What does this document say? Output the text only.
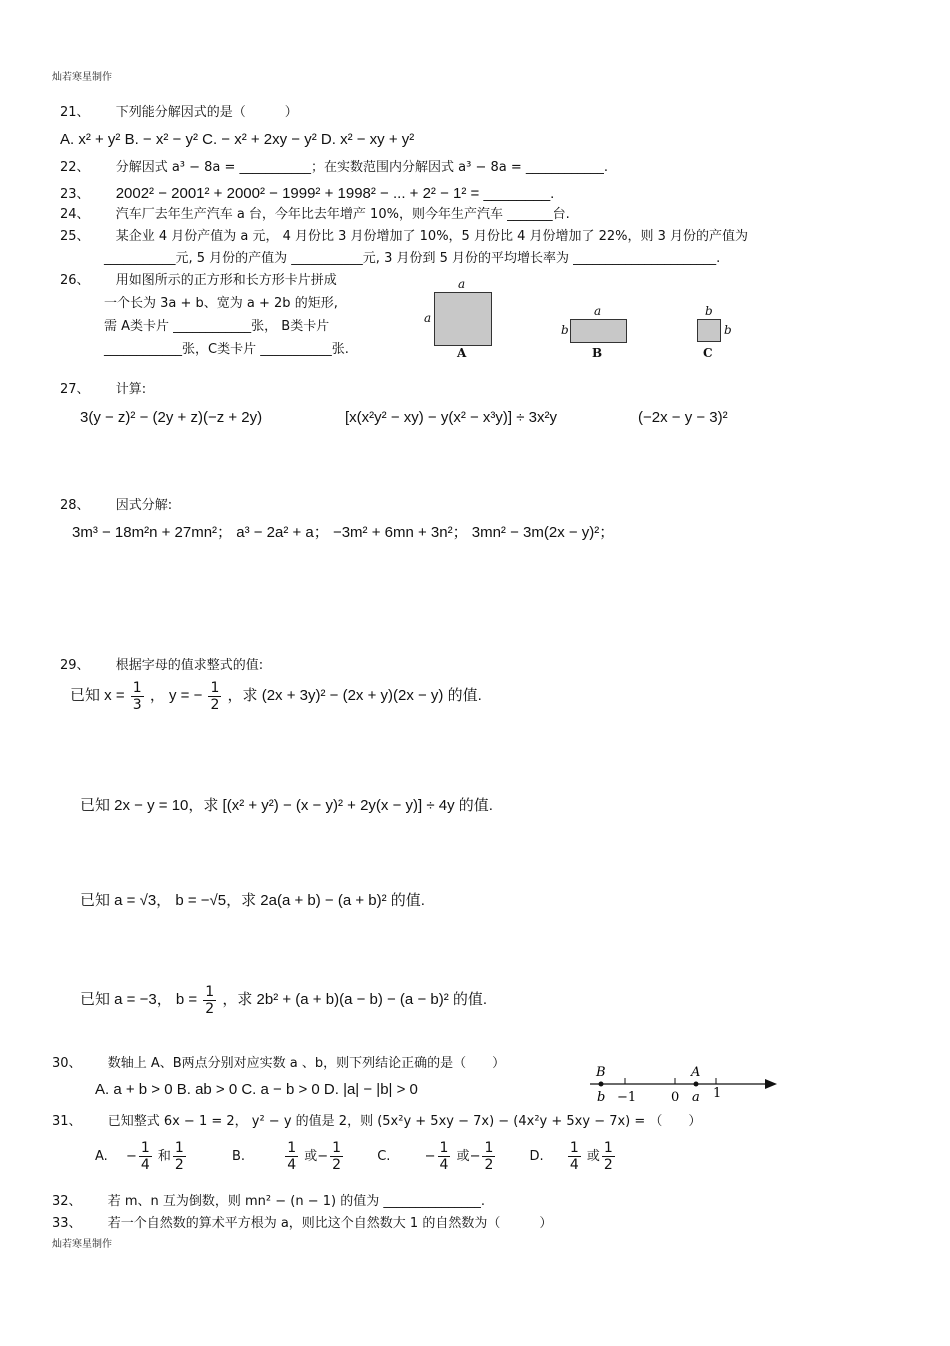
灿若寒星制作
21、 下列能分解因式的是（　　　）
A. x² + y² B. − x² − y² C. − x² + 2xy − y² D. x² − xy + y²
22、 分解因式 a³ − 8a = ___________；在实数范围内分解因式 a³ − 8a = ____________.
23、 2002² − 2001² + 2000² − 1999² + 1998² − ... + 2² − 1² = ________.
24、 汽车厂去年生产汽车 a 台，今年比去年增产 10%，则今年生产汽车 _______台.
25、 某企业 4 月份产值为 a 元， 4 月份比 3 月份增加了 10%，5 月份比 4 月份增加了 22%，则 3 月份的产值为
___________元, 5 月份的产值为 ___________元, 3 月份到 5 月份的平均增长率为 ______________________.
26、 用如图所示的正方形和长方形卡片拼成
一个长为 3a + b、宽为 a + 2b 的矩形,
需 A类卡片 ____________张， B类卡片
____________张，C类卡片 ___________张.
a
a
A
a
b
B
b
b
C
27、 计算:
3(y − z)² − (2y + z)(−z + 2y)	[x(x²y² − xy) − y(x² − x³y)] ÷ 3x²y	(−2x − y − 3)²
28、 因式分解:
3m³ − 18m²n + 27mn²； a³ − 2a² + a； −3m² + 6mn + 3n²； 3mn² − 3m(2x − y)²；
29、 根据字母的值求整式的值:
已知 $x = \frac{1}{3}$ ， y = − $\frac{1}{2}$ ，求 (2x + 3y)² − (2x + y)(2x − y) 的值.
已知 2x − y = 10，求 [(x² + y²) − (x − y)² + 2y(x − y)] ÷ 4y 的值.
已知 a = √3， b = −√5，求 2a(a + b) − (a + b)² 的值.
已知 a = −3， $b = \frac{1}{2}$ ，求 2b² + (a + b)(a − b) − (a − b)² 的值.
30、 数轴上 A、B两点分别对应实数 a 、b，则下列结论正确的是（　　）
A. a + b > 0 B. ab > 0 C. a − b > 0 D. |a| − |b| > 0
B	A
b −1	0 a 1
31、 已知整式 6x − 1 = 2， y² − y 的值是 2，则 (5x²y + 5xy − 7x) − (4x²y + 5xy − 7x) = （　　）
A. − $\frac{1}{4}$ 和 $\frac{1}{2}$	B.	$\frac{1}{4}$ 或− $\frac{1}{2}$	C.	− $\frac{1}{4}$ 或− $\frac{1}{2}$	D. $\frac{1}{4}$ 或 $\frac{1}{2}$
32、 若 m、n 互为倒数，则 mn² − (n − 1) 的值为 _______________.
33、 若一个自然数的算术平方根为 a，则比这个自然数大 1 的自然数为（　　　）
灿若寒星制作
